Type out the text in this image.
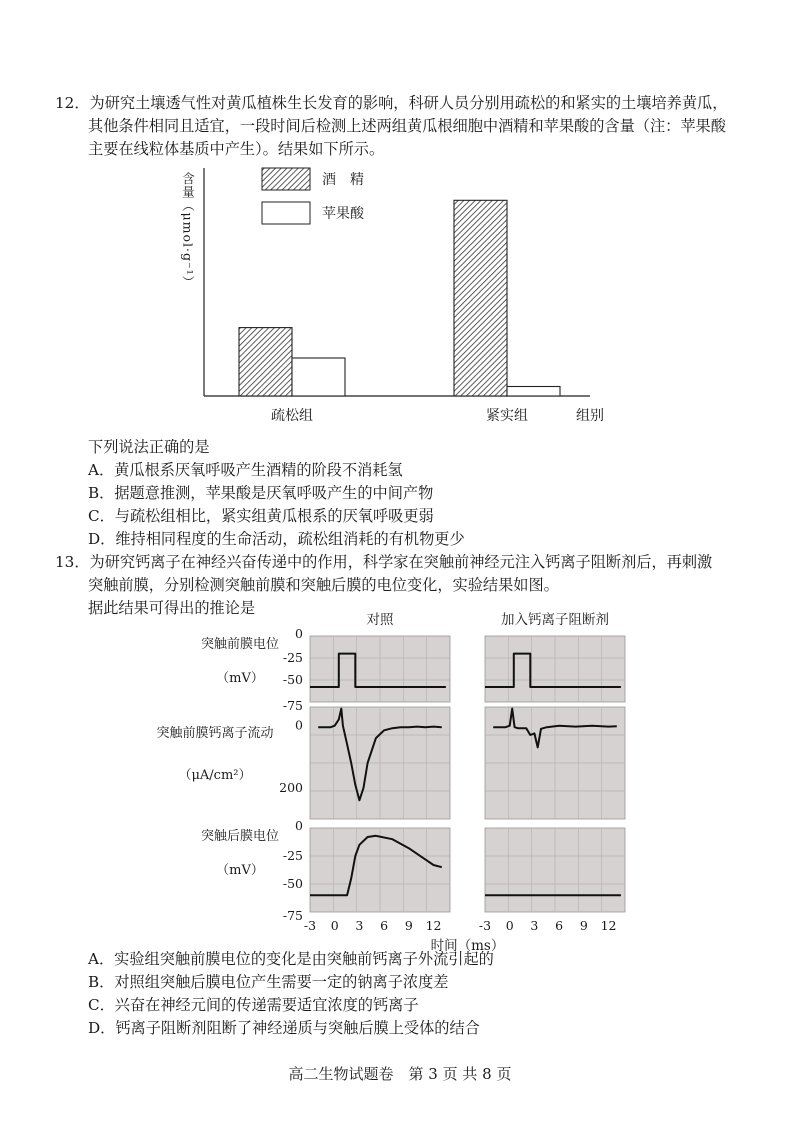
12．为研究土壤透气性对黄瓜植株生长发育的影响，科研人员分别用疏松的和紧实的土壤培养黄瓜，
其他条件相同且适宜，一段时间后检测上述两组黄瓜根细胞中酒精和苹果酸的含量（注：苹果酸
主要在线粒体基质中产生）。结果如下所示。
含量（μmol·g⁻¹）	酒　精
苹果酸
疏松组	紧实组	组别
下列说法正确的是
A．黄瓜根系厌氧呼吸产生酒精的阶段不消耗氢
B．据题意推测，苹果酸是厌氧呼吸产生的中间产物
C．与疏松组相比，紧实组黄瓜根系的厌氧呼吸更弱
D．维持相同程度的生命活动，疏松组消耗的有机物更少
13．为研究钙离子在神经兴奋传递中的作用，科学家在突触前神经元注入钙离子阻断剂后，再刺激
突触前膜，分别检测突触前膜和突触后膜的电位变化，实验结果如图。
据此结果可得出的推论是
对照	加入钙离子阻断剂
突触前膜电位
（mV）
0
-25
-50
-75
突触前膜钙离子流动
（μA/cm²）
0
200
突触后膜电位
（mV）
0
-25
-50
-75
-3 0 3 6 9 12	-3 0 3 6 9 12
时间（ms）
A．实验组突触前膜电位的变化是由突触前钙离子外流引起的
B．对照组突触后膜电位产生需要一定的钠离子浓度差
C．兴奋在神经元间的传递需要适宜浓度的钙离子
D．钙离子阻断剂阻断了神经递质与突触后膜上受体的结合
高二生物试题卷　第 3 页 共 8 页
